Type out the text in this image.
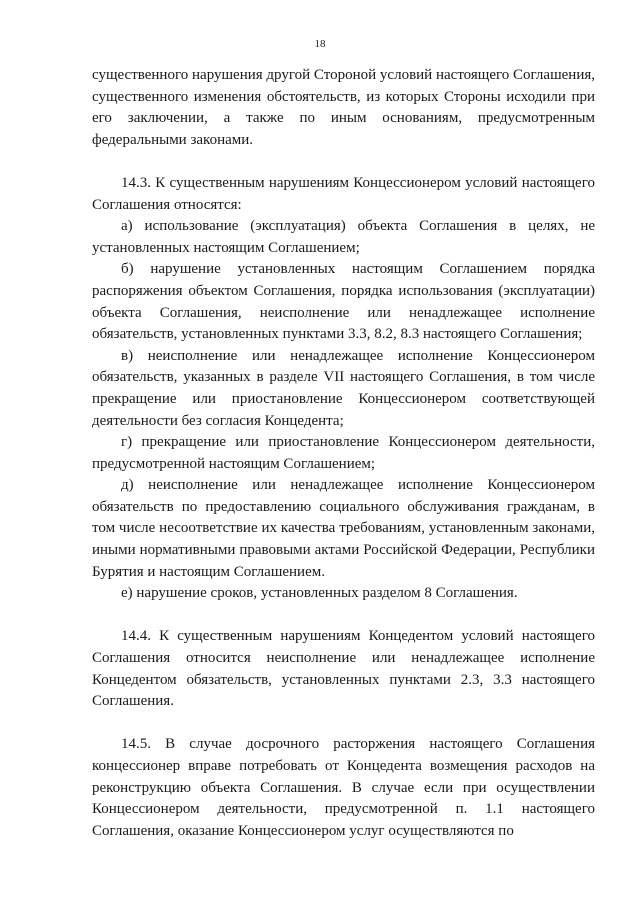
18

существенного нарушения другой Стороной условий настоящего Соглашения, существенного изменения обстоятельств, из которых Стороны исходили при его заключении, а также по иным основаниям, предусмотренным федеральными законами.

14.3. К существенным нарушениям Концессионером условий настоящего Соглашения относятся:

а) использование (эксплуатация) объекта Соглашения в целях, не установленных настоящим Соглашением;

б) нарушение установленных настоящим Соглашением порядка распоряжения объектом Соглашения, порядка использования (эксплуатации) объекта Соглашения, неисполнение или ненадлежащее исполнение обязательств, установленных пунктами 3.3, 8.2, 8.3 настоящего Соглашения;

в) неисполнение или ненадлежащее исполнение Концессионером обязательств, указанных в разделе VII настоящего Соглашения, в том числе прекращение или приостановление Концессионером соответствующей деятельности без согласия Концедента;

г) прекращение или приостановление Концессионером деятельности, предусмотренной настоящим Соглашением;

д) неисполнение или ненадлежащее исполнение Концессионером обязательств по предоставлению социального обслуживания гражданам, в том числе несоответствие их качества требованиям, установленным законами, иными нормативными правовыми актами Российской Федерации, Республики Бурятия и настоящим Соглашением.

е) нарушение сроков, установленных разделом 8 Соглашения.

14.4. К существенным нарушениям Концедентом условий настоящего Соглашения относится неисполнение или ненадлежащее исполнение Концедентом обязательств, установленных пунктами 2.3, 3.3 настоящего Соглашения.

14.5. В случае досрочного расторжения настоящего Соглашения концессионер вправе потребовать от Концедента возмещения расходов на реконструкцию объекта Соглашения. В случае если при осуществлении Концессионером деятельности, предусмотренной п. 1.1 настоящего Соглашения, оказание Концессионером услуг осуществляются по
